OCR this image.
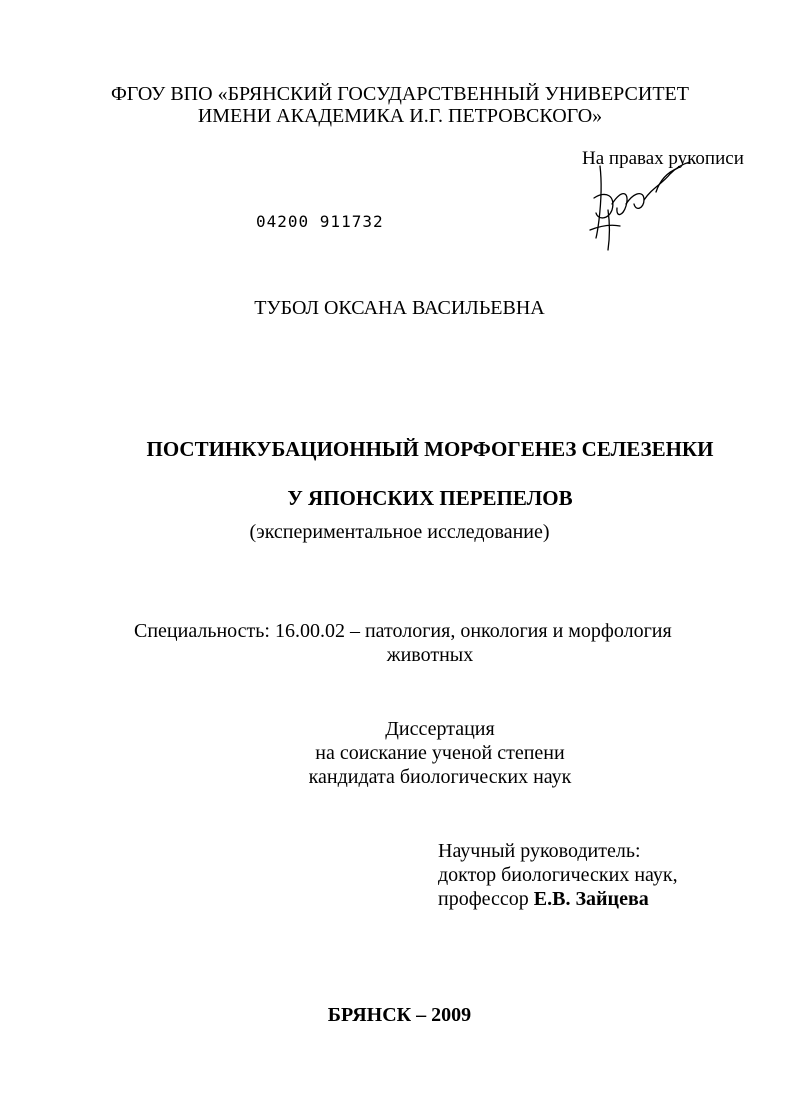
ФГОУ ВПО «БРЯНСКИЙ ГОСУДАРСТВЕННЫЙ УНИВЕРСИТЕТ
ИМЕНИ АКАДЕМИКА И.Г. ПЕТРОВСКОГО»
На правах рукописи
04200 911732
ТУБОЛ ОКСАНА ВАСИЛЬЕВНА
ПОСТИНКУБАЦИОННЫЙ МОРФОГЕНЕЗ СЕЛЕЗЕНКИ
У ЯПОНСКИХ ПЕРЕПЕЛОВ
(экспериментальное исследование)
Специальность: 16.00.02 – патология, онкология и морфология
животных
Диссертация
на соискание ученой степени
кандидата биологических наук
Научный руководитель:
доктор биологических наук,
профессор Е.В. Зайцева
БРЯНСК – 2009
